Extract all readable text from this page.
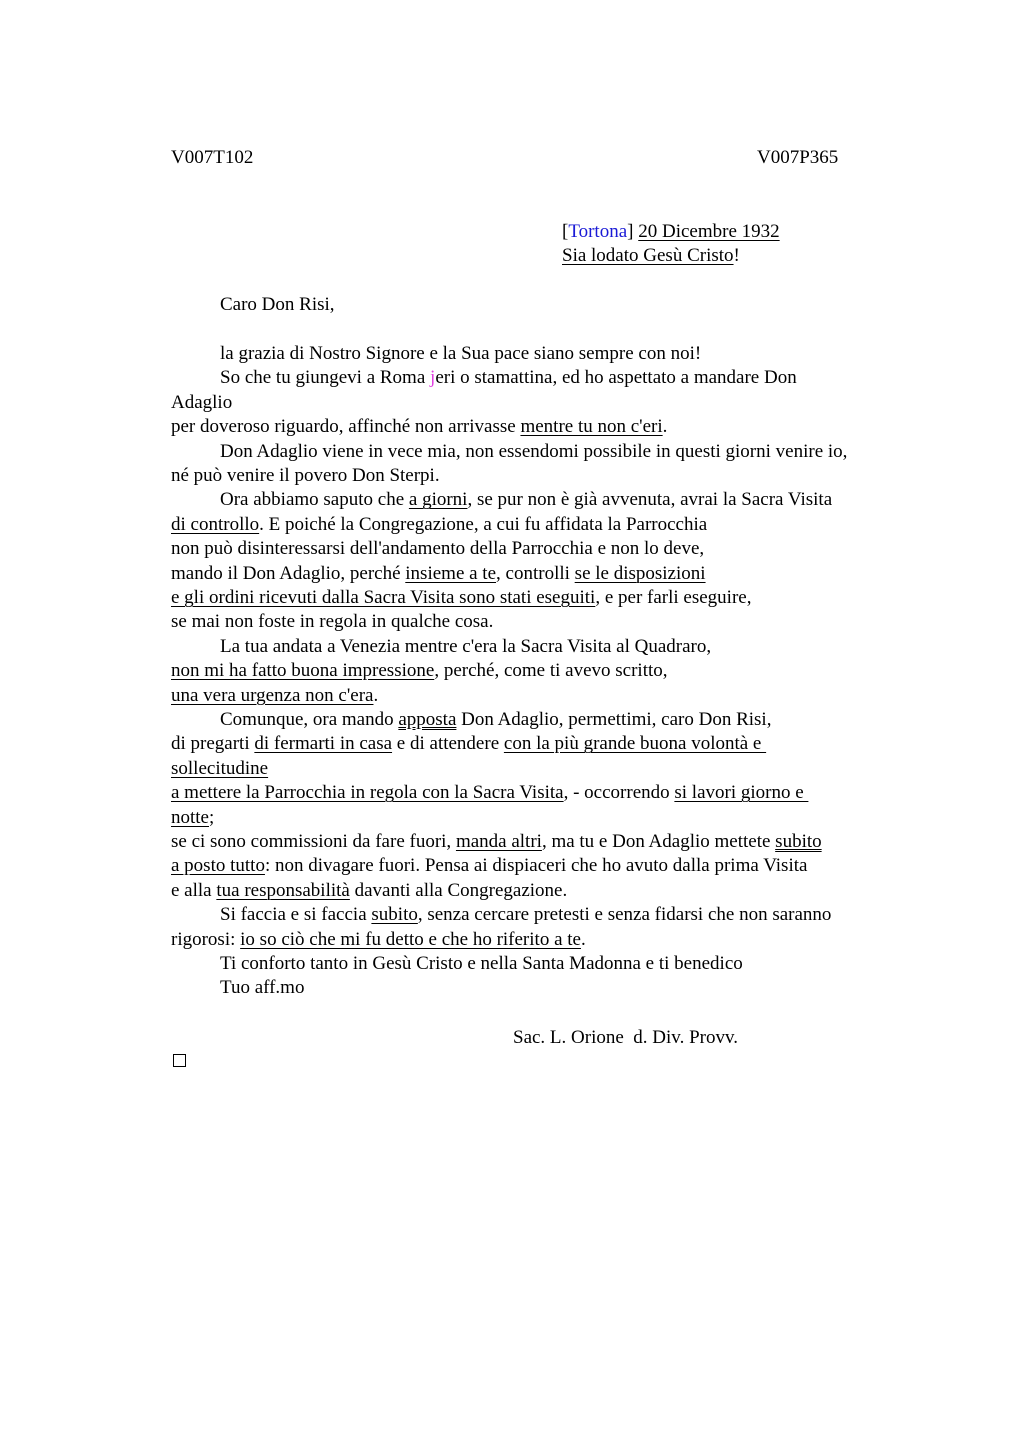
V007T102	V007P365
[Tortona] 20 Dicembre 1932
Sia lodato Gesù Cristo!
Caro Don Risi,
la grazia di Nostro Signore e la Sua pace siano sempre con noi!
So che tu giungevi a Roma jeri o stamattina, ed ho aspettato a mandare Don
Adaglio
per doveroso riguardo, affinché non arrivasse mentre tu non c'eri.
Don Adaglio viene in vece mia, non essendomi possibile in questi giorni venire io,
né può venire il povero Don Sterpi.
Ora abbiamo saputo che a giorni, se pur non è già avvenuta, avrai la Sacra Visita
di controllo. E poiché la Congregazione, a cui fu affidata la Parrocchia
non può disinteressarsi dell'andamento della Parrocchia e non lo deve,
mando il Don Adaglio, perché insieme a te, controlli se le disposizioni
e gli ordini ricevuti dalla Sacra Visita sono stati eseguiti, e per farli eseguire,
se mai non foste in regola in qualche cosa.
La tua andata a Venezia mentre c'era la Sacra Visita al Quadraro,
non mi ha fatto buona impressione, perché, come ti avevo scritto,
una vera urgenza non c'era.
Comunque, ora mando apposta Don Adaglio, permettimi, caro Don Risi,
di pregarti di fermarti in casa e di attendere con la più grande buona volontà e
sollecitudine
a mettere la Parrocchia in regola con la Sacra Visita, - occorrendo si lavori giorno e
notte;
se ci sono commissioni da fare fuori, manda altri, ma tu e Don Adaglio mettete subito
a posto tutto: non divagare fuori. Pensa ai dispiaceri che ho avuto dalla prima Visita
e alla tua responsabilità davanti alla Congregazione.
Si faccia e si faccia subito, senza cercare pretesti e senza fidarsi che non saranno
rigorosi: io so ciò che mi fu detto e che ho riferito a te.
Ti conforto tanto in Gesù Cristo e nella Santa Madonna e ti benedico
Tuo aff.mo
Sac. L. Orione  d. Div. Provv.
